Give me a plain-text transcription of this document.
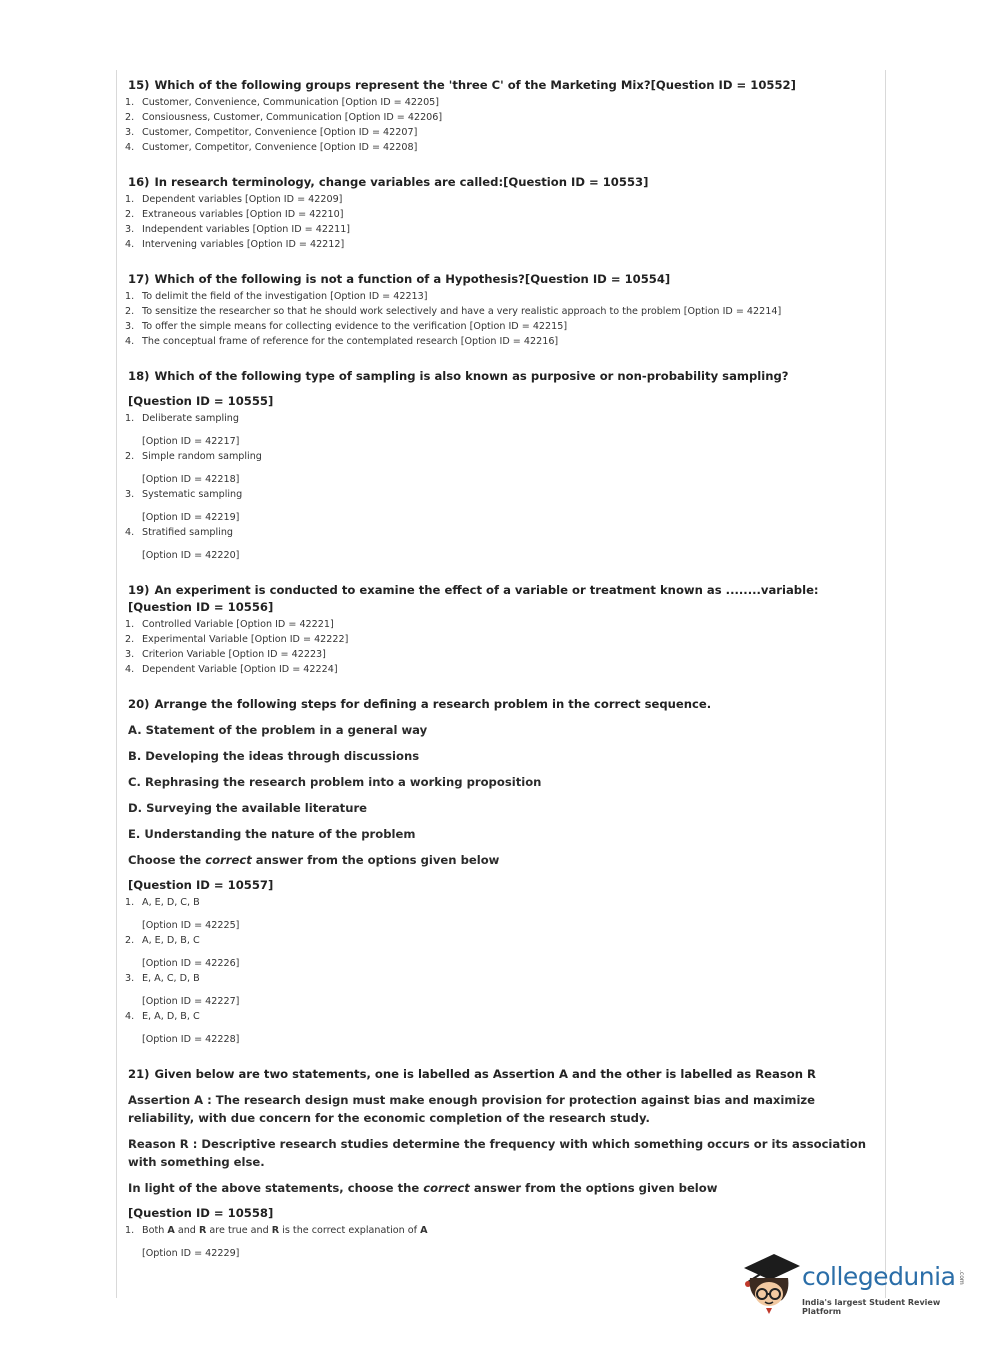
15) Which of the following groups represent the 'three C' of the Marketing Mix?[Question ID = 10552]
1. Customer, Convenience, Communication [Option ID = 42205]
2. Consiousness, Customer, Communication [Option ID = 42206]
3. Customer, Competitor, Convenience [Option ID = 42207]
4. Customer, Competitor, Convenience [Option ID = 42208]
16) In research terminology, change variables are called:[Question ID = 10553]
1. Dependent variables [Option ID = 42209]
2. Extraneous variables [Option ID = 42210]
3. Independent variables [Option ID = 42211]
4. Intervening variables [Option ID = 42212]
17) Which of the following is not a function of a Hypothesis?[Question ID = 10554]
1. To delimit the field of the investigation [Option ID = 42213]
2. To sensitize the researcher so that he should work selectively and have a very realistic approach to the problem [Option ID = 42214]
3. To offer the simple means for collecting evidence to the verification [Option ID = 42215]
4. The conceptual frame of reference for the contemplated research [Option ID = 42216]
18) Which of the following type of sampling is also known as purposive or non-probability sampling?
[Question ID = 10555]
1. Deliberate sampling
[Option ID = 42217]
2. Simple random sampling
[Option ID = 42218]
3. Systematic sampling
[Option ID = 42219]
4. Stratified sampling
[Option ID = 42220]
19) An experiment is conducted to examine the effect of a variable or treatment known as ........variable:[Question ID = 10556]
1. Controlled Variable [Option ID = 42221]
2. Experimental Variable [Option ID = 42222]
3. Criterion Variable [Option ID = 42223]
4. Dependent Variable [Option ID = 42224]
20) Arrange the following steps for defining a research problem in the correct sequence.
A. Statement of the problem in a general way
B. Developing the ideas through discussions
C. Rephrasing the research problem into a working proposition
D. Surveying the available literature
E. Understanding the nature of the problem
Choose the correct answer from the options given below
[Question ID = 10557]
1. A, E, D, C, B
[Option ID = 42225]
2. A, E, D, B, C
[Option ID = 42226]
3. E, A, C, D, B
[Option ID = 42227]
4. E, A, D, B, C
[Option ID = 42228]
21) Given below are two statements, one is labelled as Assertion A and the other is labelled as Reason R
Assertion A : The research design must make enough provision for protection against bias and maximize reliability, with due concern for the economic completion of the research study.
Reason R : Descriptive research studies determine the frequency with which something occurs or its association with something else.
In light of the above statements, choose the correct answer from the options given below
[Question ID = 10558]
1. Both A and R are true and R is the correct explanation of A
[Option ID = 42229]
collegedunia .com
India's largest Student Review Platform
